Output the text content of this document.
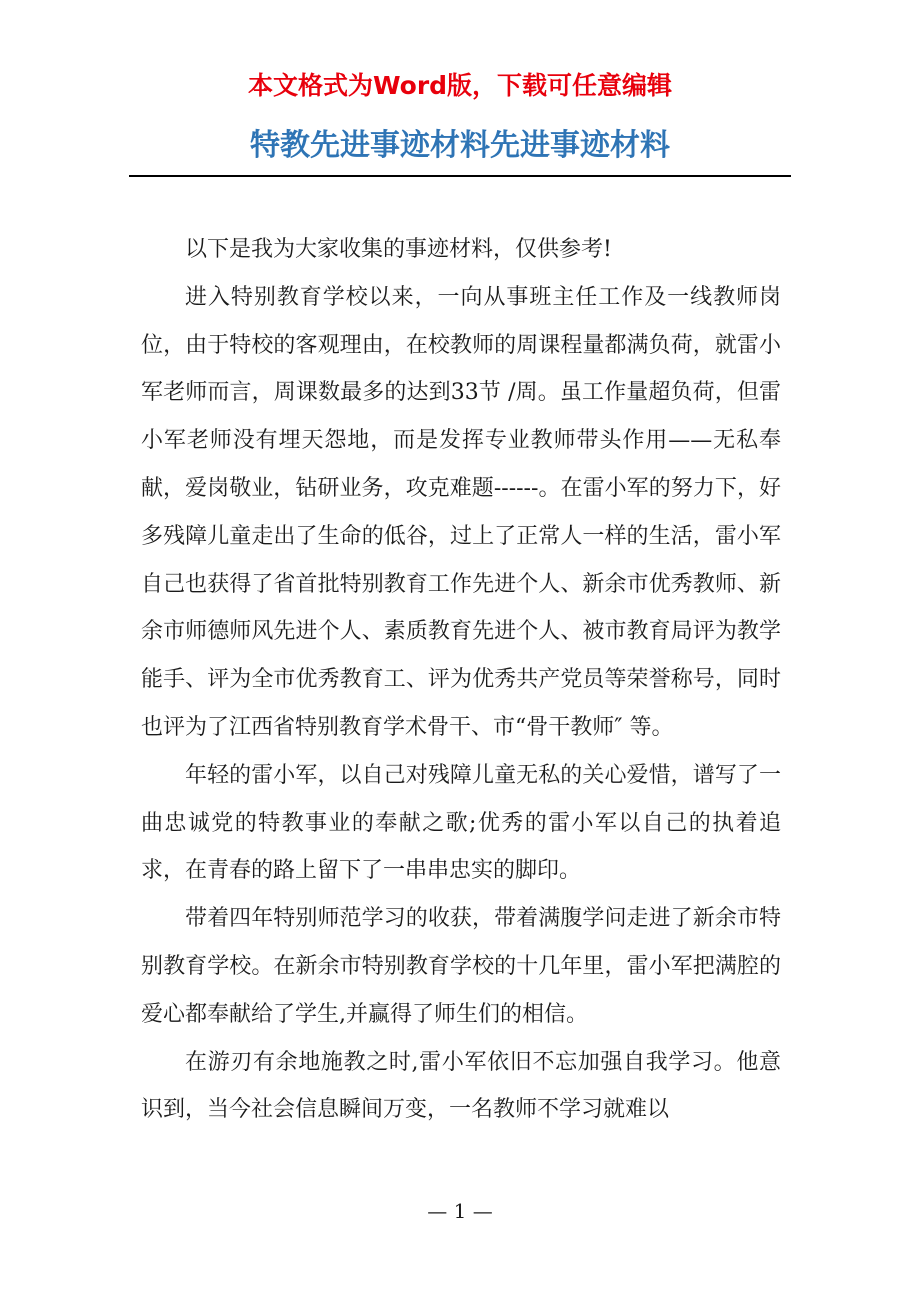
本文格式为Word版，下载可任意编辑
特教先进事迹材料先进事迹材料

以下是我为大家收集的事迹材料，仅供参考!

进入特别教育学校以来，一向从事班主任工作及一线教师岗位，由于特校的客观理由，在校教师的周课程量都满负荷，就雷小军老师而言，周课数最多的达到33节 /周。虽工作量超负荷，但雷小军老师没有埋天怨地，而是发挥专业教师带头作用——无私奉献，爱岗敬业，钻研业务，攻克难题------。在雷小军的努力下，好多残障儿童走出了生命的低谷，过上了正常人一样的生活，雷小军自己也获得了省首批特别教育工作先进个人、新余市优秀教师、新余市师德师风先进个人、素质教育先进个人、被市教育局评为教学能手、评为全市优秀教育工、评为优秀共产党员等荣誉称号，同时也评为了江西省特别教育学术骨干、市“骨干教师″ 等。

年轻的雷小军，以自己对残障儿童无私的关心爱惜，谱写了一曲忠诚党的特教事业的奉献之歌;优秀的雷小军以自己的执着追求，在青春的路上留下了一串串忠实的脚印。

带着四年特别师范学习的收获，带着满腹学问走进了新余市特别教育学校。在新余市特别教育学校的十几年里，雷小军把满腔的爱心都奉献给了学生,并赢得了师生们的相信。

在游刃有余地施教之时,雷小军依旧不忘加强自我学习。他意识到，当今社会信息瞬间万变，一名教师不学习就难以

— 1 —
